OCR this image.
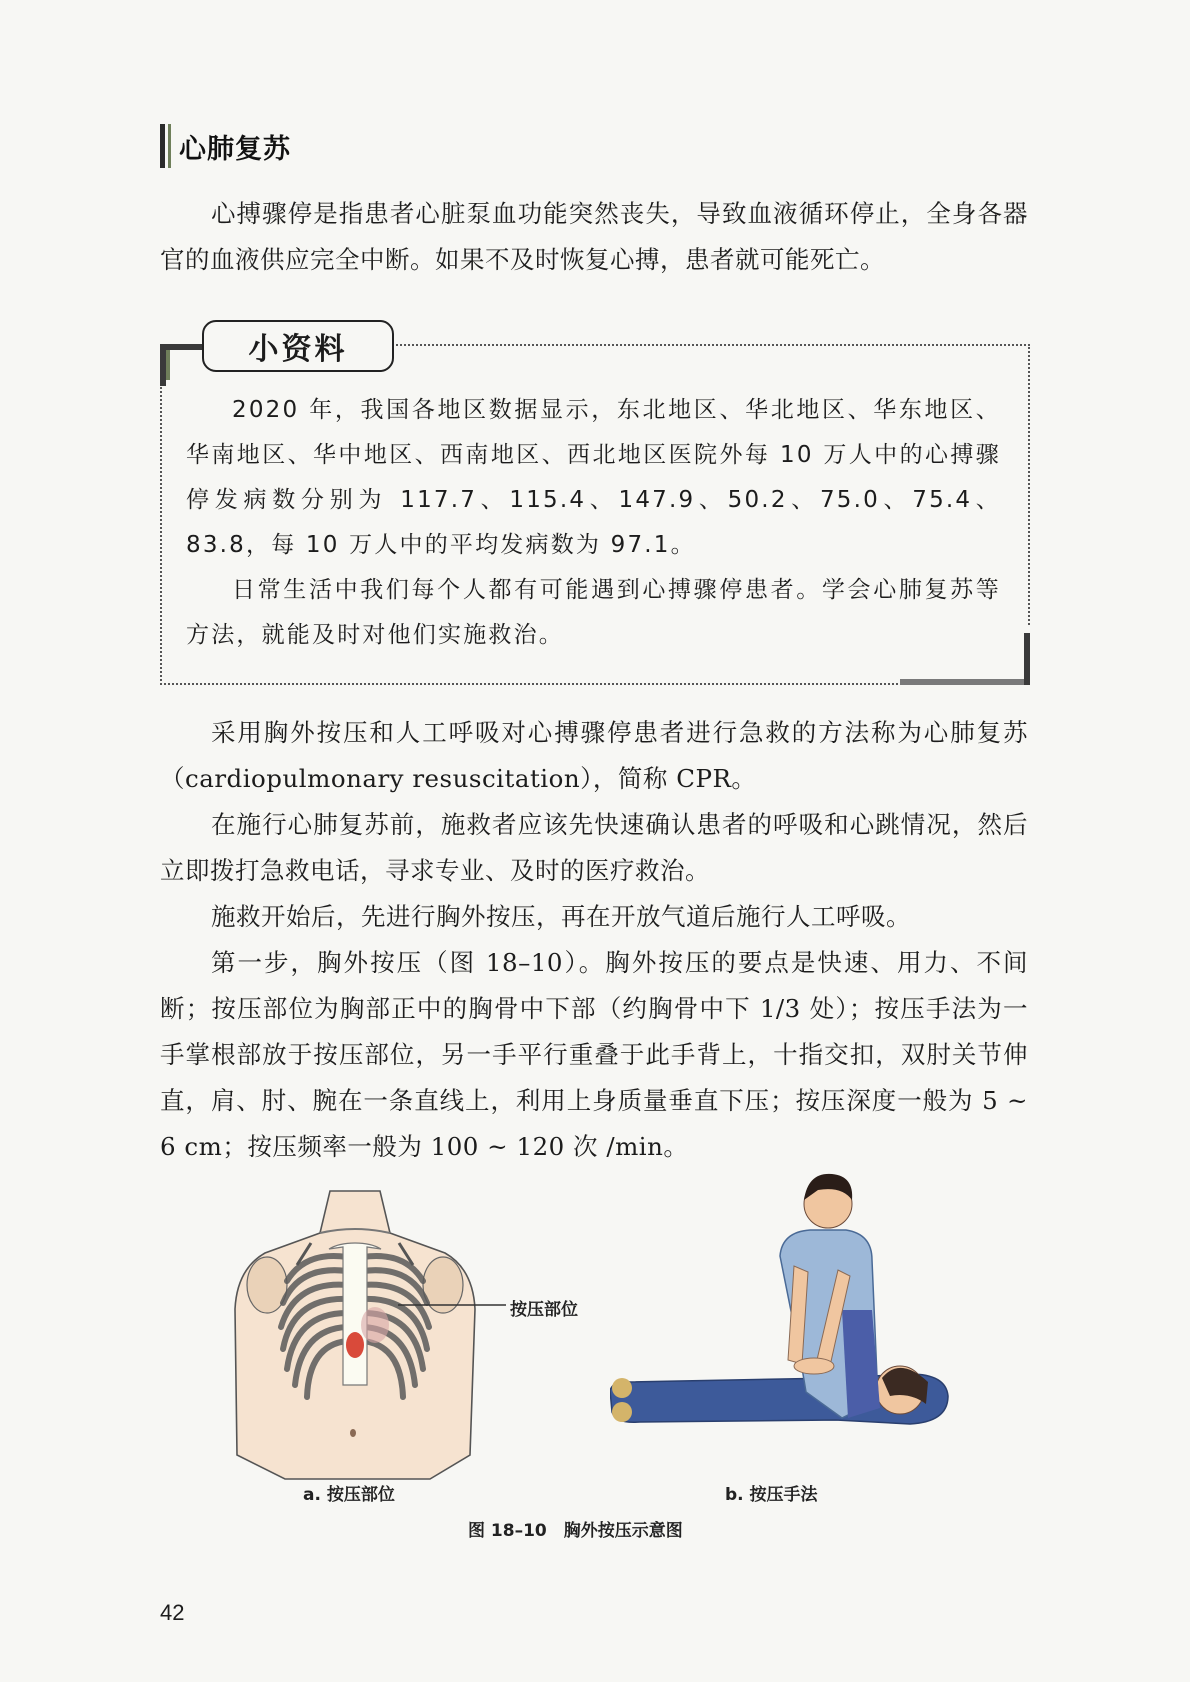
心肺复苏

心搏骤停是指患者心脏泵血功能突然丧失，导致血液循环停止，全身各器官的血液供应完全中断。如果不及时恢复心搏，患者就可能死亡。

小资料

2020 年，我国各地区数据显示，东北地区、华北地区、华东地区、华南地区、华中地区、西南地区、西北地区医院外每 10 万人中的心搏骤停发病数分别为 117.7、115.4、147.9、50.2、75.0、75.4、83.8，每 10 万人中的平均发病数为 97.1。

日常生活中我们每个人都有可能遇到心搏骤停患者。学会心肺复苏等方法，就能及时对他们实施救治。

采用胸外按压和人工呼吸对心搏骤停患者进行急救的方法称为心肺复苏（cardiopulmonary resuscitation），简称 CPR。

在施行心肺复苏前，施救者应该先快速确认患者的呼吸和心跳情况，然后立即拨打急救电话，寻求专业、及时的医疗救治。

施救开始后，先进行胸外按压，再在开放气道后施行人工呼吸。

第一步，胸外按压（图 18–10）。胸外按压的要点是快速、用力、不间断；按压部位为胸部正中的胸骨中下部（约胸骨中下 1/3 处）；按压手法为一手掌根部放于按压部位，另一手平行重叠于此手背上，十指交扣，双肘关节伸直，肩、肘、腕在一条直线上，利用上身质量垂直下压；按压深度一般为 5 ~ 6 cm；按压频率一般为 100 ~ 120 次 /min。

按压部位
a. 按压部位	b. 按压手法
图 18–10　胸外按压示意图
42
